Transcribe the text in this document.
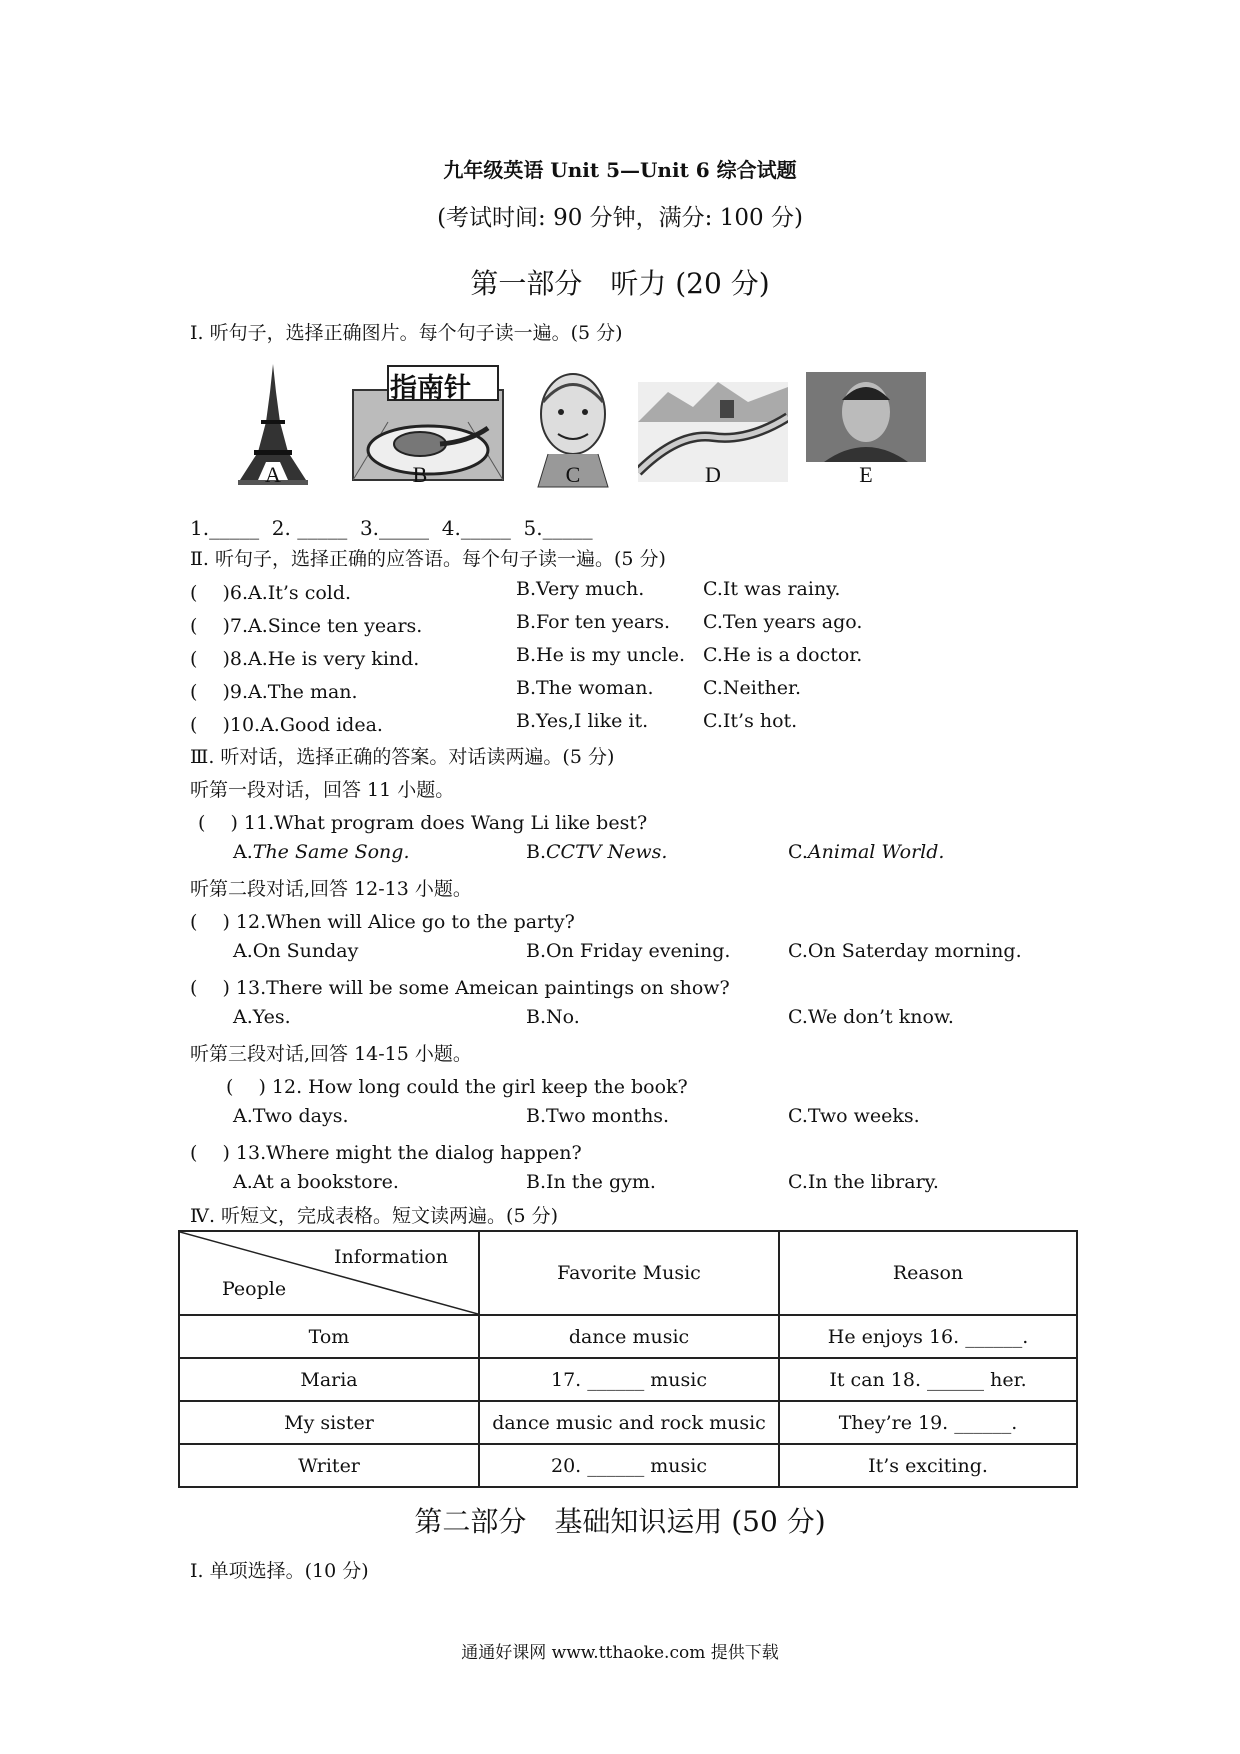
九年级英语 Unit 5—Unit 6 综合试题
(考试时间: 90 分钟，满分: 100 分)
第一部分　听力 (20 分)
Ⅰ. 听句子，选择正确图片。每个句子读一遍。(5 分)
A
指南针
B	C	D	E
1._____  2. _____  3._____  4._____  5._____
Ⅱ. 听句子，选择正确的应答语。每个句子读一遍。(5 分)
(　 )6.A.It’s cold.	B.Very much.	C.It was rainy.
(　 )7.A.Since ten years.	B.For ten years. C.Ten years ago.
(　 )8.A.He is very kind.	B.He is my uncle. C.He is a doctor.
(　 )9.A.The man.	B.The woman.	C.Neither.
(　 )10.A.Good idea.	B.Yes,I like it.	C.It’s hot.
Ⅲ. 听对话，选择正确的答案。对话读两遍。(5 分)
听第一段对话，回答 11 小题。
(　 ) 11.What program does Wang Li like best?
A.The Same Song.	B.CCTV News.	C.Animal World.
听第二段对话,回答 12-13 小题。
(　 ) 12.When will Alice go to the party?
A.On Sunday	B.On Friday evening.	C.On Saterday morning.
(　 ) 13.There will be some Ameican paintings on show?
A.Yes.	B.No.	C.We don’t know.
听第三段对话,回答 14-15 小题。
(　 ) 12. How long could the girl keep the book?
A.Two days.	B.Two months.	C.Two weeks.
(　 ) 13.Where might the dialog happen?
A.At a bookstore.	B.In the gym.	C.In the library.
Ⅳ. 听短文，完成表格。短文读两遍。(5 分)
Information
People	Favorite Music	Reason
Tom	dance music	He enjoys 16. ______.
Maria	17. ______ music	It can 18. ______ her.
My sister	dance music and rock music	They’re 19. ______.
Writer	20. ______ music	It’s exciting.
第二部分　基础知识运用 (50 分)
Ⅰ. 单项选择。(10 分)
通通好课网 www.tthaoke.com 提供下载
